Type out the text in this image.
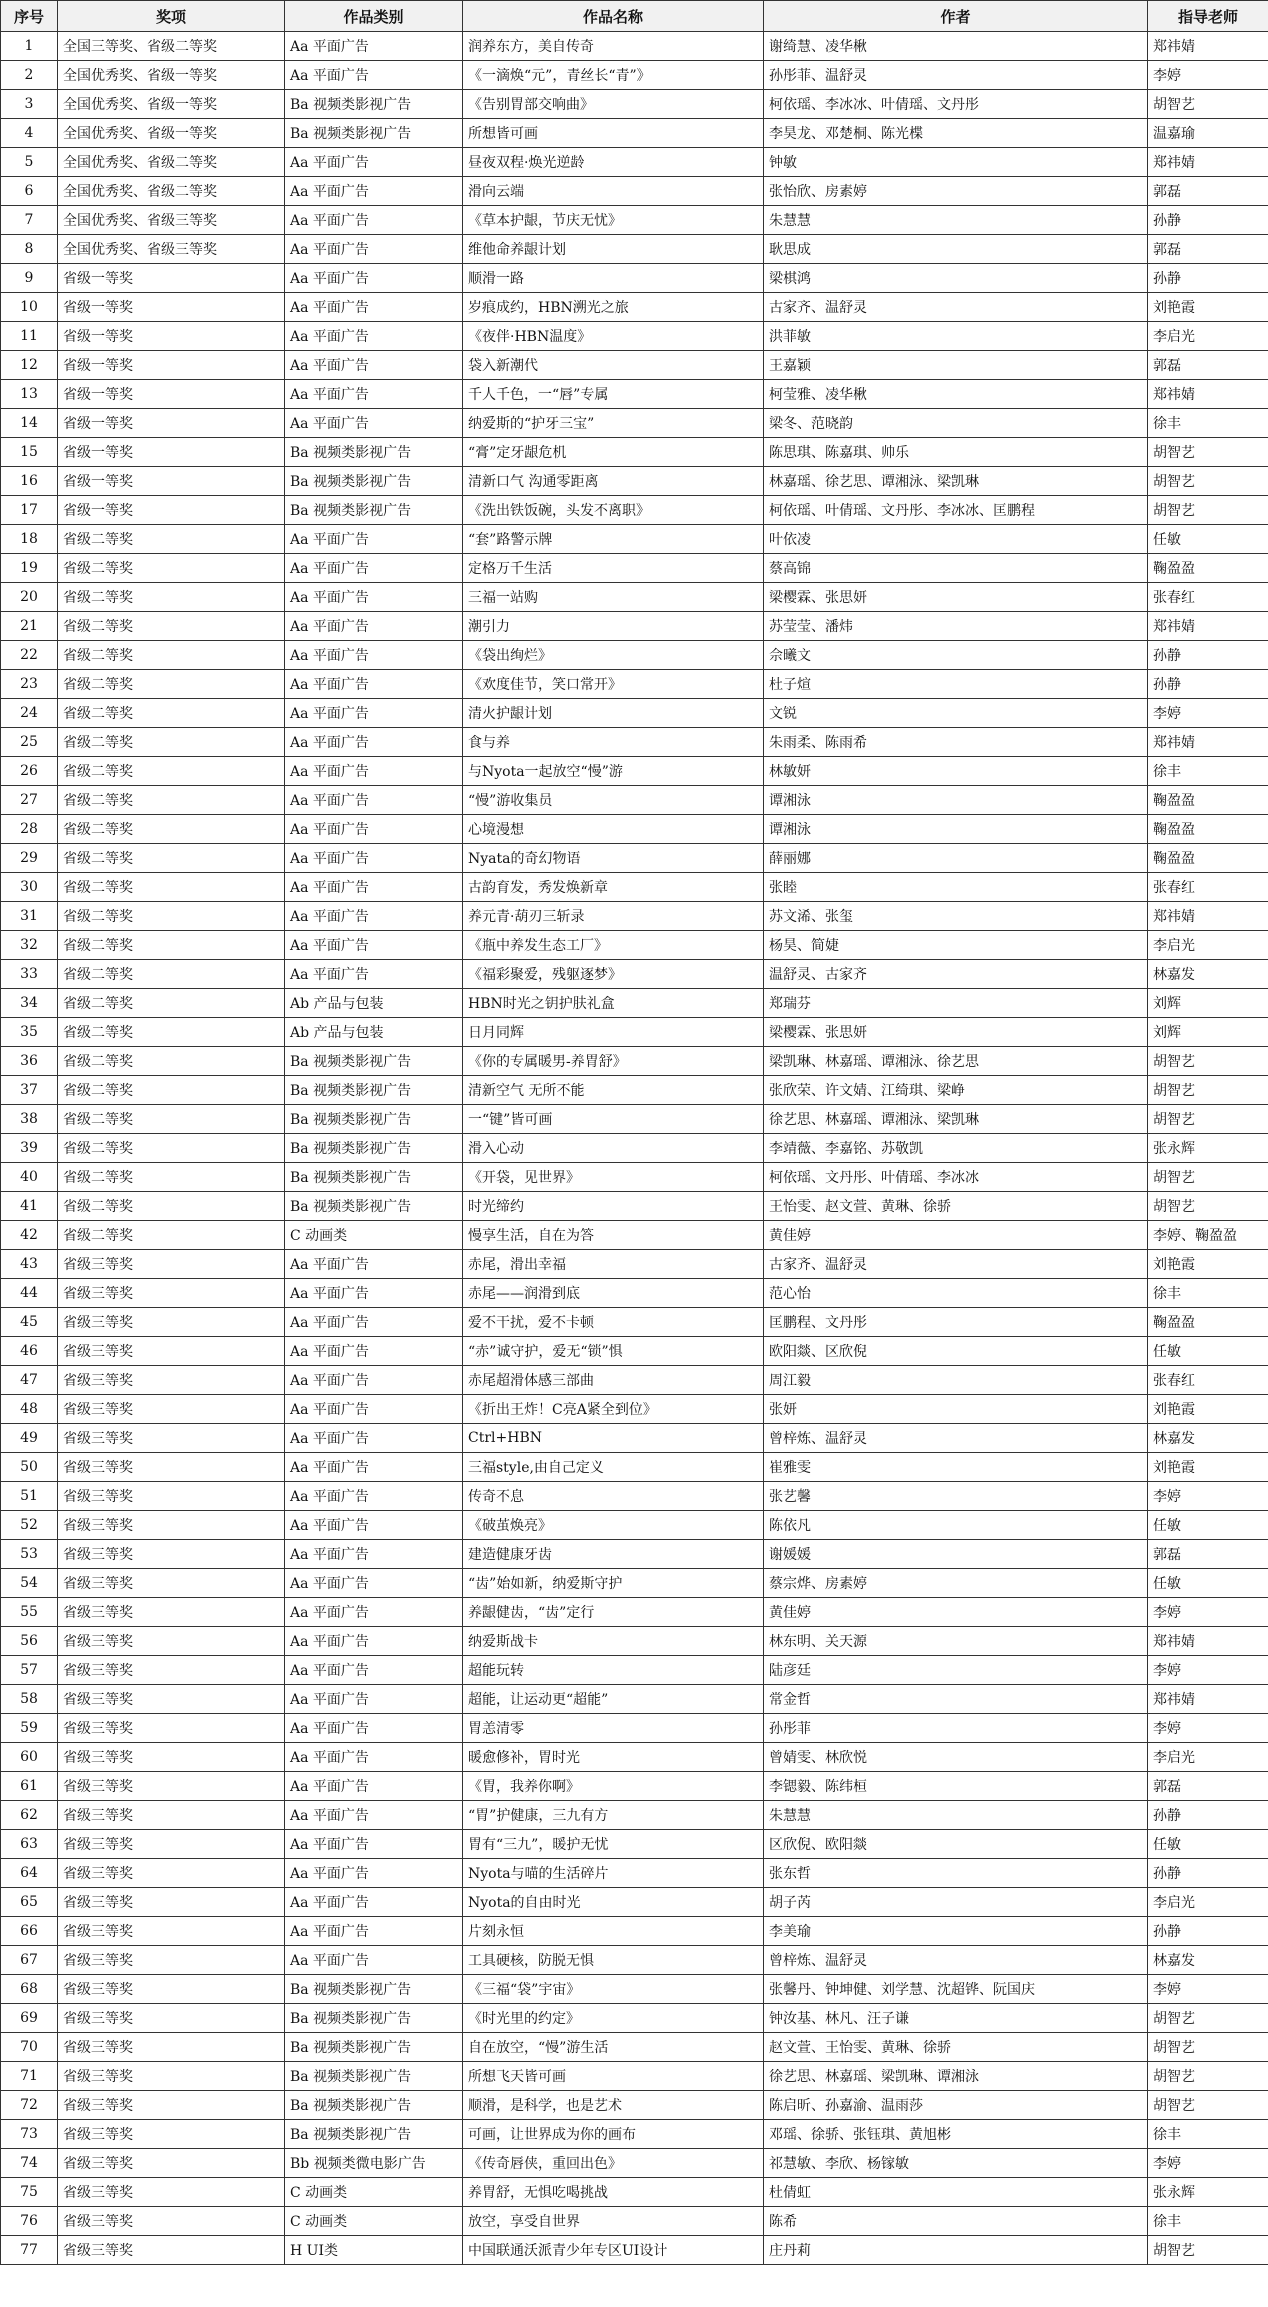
序号	奖项	作品类别	作品名称	作者	指导老师
1	全国三等奖、省级二等奖	Aa 平面广告	润养东方，美自传奇	谢绮慧、凌华楸	郑祎婧
2	全国优秀奖、省级一等奖	Aa 平面广告	《一滴焕“元”，青丝长“青”》	孙彤菲、温舒灵	李婷
3	全国优秀奖、省级一等奖	Ba 视频类影视广告	《告别胃部交响曲》	柯依瑶、李冰冰、叶倩瑶、文丹彤	胡智艺
4	全国优秀奖、省级一等奖	Ba 视频类影视广告	所想皆可画	李昊龙、邓楚桐、陈光楪	温嘉瑜
5	全国优秀奖、省级二等奖	Aa 平面广告	昼夜双程·焕光逆龄	钟敏	郑祎婧
6	全国优秀奖、省级二等奖	Aa 平面广告	滑向云端	张怡欣、房素婷	郭磊
7	全国优秀奖、省级三等奖	Aa 平面广告	《草本护龈，节庆无忧》	朱慧慧	孙静
8	全国优秀奖、省级三等奖	Aa 平面广告	维他命养龈计划	耿思成	郭磊
9	省级一等奖	Aa 平面广告	顺滑一路	梁棋鸿	孙静
10	省级一等奖	Aa 平面广告	岁痕成约，HBN溯光之旅	古家齐、温舒灵	刘艳霞
11	省级一等奖	Aa 平面广告	《夜伴·HBN温度》	洪菲敏	李启光
12	省级一等奖	Aa 平面广告	袋入新潮代	王嘉颖	郭磊
13	省级一等奖	Aa 平面广告	千人千色，一“唇”专属	柯莹雅、凌华楸	郑祎婧
14	省级一等奖	Aa 平面广告	纳爱斯的“护牙三宝”	梁冬、范晓韵	徐丰
15	省级一等奖	Ba 视频类影视广告	“膏”定牙龈危机	陈思琪、陈嘉琪、帅乐	胡智艺
16	省级一等奖	Ba 视频类影视广告	清新口气 沟通零距离	林嘉瑶、徐艺思、谭湘泳、梁凯琳	胡智艺
17	省级一等奖	Ba 视频类影视广告	《洗出铁饭碗，头发不离职》	柯依瑶、叶倩瑶、文丹彤、李冰冰、匡鹏程	胡智艺
18	省级二等奖	Aa 平面广告	“套”路警示牌	叶依凌	任敏
19	省级二等奖	Aa 平面广告	定格万千生活	蔡高锦	鞠盈盈
20	省级二等奖	Aa 平面广告	三福一站购	梁樱霖、张思妍	张春红
21	省级二等奖	Aa 平面广告	潮引力	苏莹莹、潘炜	郑祎婧
22	省级二等奖	Aa 平面广告	《袋出绚烂》	佘曦文	孙静
23	省级二等奖	Aa 平面广告	《欢度佳节，笑口常开》	杜子煊	孙静
24	省级二等奖	Aa 平面广告	清火护龈计划	文锐	李婷
25	省级二等奖	Aa 平面广告	食与养	朱雨柔、陈雨希	郑祎婧
26	省级二等奖	Aa 平面广告	与Nyota一起放空“慢”游	林敏妍	徐丰
27	省级二等奖	Aa 平面广告	“慢”游收集员	谭湘泳	鞠盈盈
28	省级二等奖	Aa 平面广告	心境漫想	谭湘泳	鞠盈盈
29	省级二等奖	Aa 平面广告	Nyata的奇幻物语	薛丽娜	鞠盈盈
30	省级二等奖	Aa 平面广告	古韵育发，秀发焕新章	张睦	张春红
31	省级二等奖	Aa 平面广告	养元青·葫刃三斩录	苏文浠、张玺	郑祎婧
32	省级二等奖	Aa 平面广告	《瓶中养发生态工厂》	杨昊、简婕	李启光
33	省级二等奖	Aa 平面广告	《福彩聚爱，残躯逐梦》	温舒灵、古家齐	林嘉发
34	省级二等奖	Ab 产品与包装	HBN时光之钥护肤礼盒	郑瑞芬	刘辉
35	省级二等奖	Ab 产品与包装	日月同辉	梁樱霖、张思妍	刘辉
36	省级二等奖	Ba 视频类影视广告	《你的专属暖男-养胃舒》	梁凯琳、林嘉瑶、谭湘泳、徐艺思	胡智艺
37	省级二等奖	Ba 视频类影视广告	清新空气 无所不能	张欣荣、许文婧、江绮琪、梁峥	胡智艺
38	省级二等奖	Ba 视频类影视广告	一“键”皆可画	徐艺思、林嘉瑶、谭湘泳、梁凯琳	胡智艺
39	省级二等奖	Ba 视频类影视广告	滑入心动	李靖薇、李嘉铭、苏敬凯	张永辉
40	省级二等奖	Ba 视频类影视广告	《开袋，见世界》	柯依瑶、文丹彤、叶倩瑶、李冰冰	胡智艺
41	省级二等奖	Ba 视频类影视广告	时光缔约	王怡雯、赵文萱、黄琳、徐骄	胡智艺
42	省级二等奖	C 动画类	慢享生活，自在为答	黄佳婷	李婷、鞠盈盈
43	省级三等奖	Aa 平面广告	赤尾，滑出幸福	古家齐、温舒灵	刘艳霞
44	省级三等奖	Aa 平面广告	赤尾——润滑到底	范心怡	徐丰
45	省级三等奖	Aa 平面广告	爱不干扰，爱不卡顿	匡鹏程、文丹彤	鞠盈盈
46	省级三等奖	Aa 平面广告	“赤”诚守护，爱无“锁”惧	欧阳燚、区欣倪	任敏
47	省级三等奖	Aa 平面广告	赤尾超滑体感三部曲	周江毅	张春红
48	省级三等奖	Aa 平面广告	《折出王炸！C亮A紧全到位》	张妍	刘艳霞
49	省级三等奖	Aa 平面广告	Ctrl+HBN	曾梓炼、温舒灵	林嘉发
50	省级三等奖	Aa 平面广告	三福style,由自己定义	崔雅雯	刘艳霞
51	省级三等奖	Aa 平面广告	传奇不息	张艺馨	李婷
52	省级三等奖	Aa 平面广告	《破茧焕亮》	陈依凡	任敏
53	省级三等奖	Aa 平面广告	建造健康牙齿	谢媛媛	郭磊
54	省级三等奖	Aa 平面广告	“齿”始如新，纳爱斯守护	蔡宗烨、房素婷	任敏
55	省级三等奖	Aa 平面广告	养龈健齿，“齿”定行	黄佳婷	李婷
56	省级三等奖	Aa 平面广告	纳爱斯战卡	林东明、关天源	郑祎婧
57	省级三等奖	Aa 平面广告	超能玩转	陆彦廷	李婷
58	省级三等奖	Aa 平面广告	超能，让运动更“超能”	常金哲	郑祎婧
59	省级三等奖	Aa 平面广告	胃恙清零	孙彤菲	李婷
60	省级三等奖	Aa 平面广告	暖愈修补，胃时光	曾婧雯、林欣悦	李启光
61	省级三等奖	Aa 平面广告	《胃，我养你啊》	李锶毅、陈纬桓	郭磊
62	省级三等奖	Aa 平面广告	“胃”护健康，三九有方	朱慧慧	孙静
63	省级三等奖	Aa 平面广告	胃有“三九”，暖护无忧	区欣倪、欧阳燚	任敏
64	省级三等奖	Aa 平面广告	Nyota与喵的生活碎片	张东哲	孙静
65	省级三等奖	Aa 平面广告	Nyota的自由时光	胡子芮	李启光
66	省级三等奖	Aa 平面广告	片刻永恒	李美瑜	孙静
67	省级三等奖	Aa 平面广告	工具硬核，防脱无惧	曾梓炼、温舒灵	林嘉发
68	省级三等奖	Ba 视频类影视广告	《三福“袋”宇宙》	张馨丹、钟坤健、刘学慧、沈超铧、阮国庆	李婷
69	省级三等奖	Ba 视频类影视广告	《时光里的约定》	钟汝基、林凡、汪子谦	胡智艺
70	省级三等奖	Ba 视频类影视广告	自在放空，“慢”游生活	赵文萱、王怡雯、黄琳、徐骄	胡智艺
71	省级三等奖	Ba 视频类影视广告	所想飞天皆可画	徐艺思、林嘉瑶、梁凯琳、谭湘泳	胡智艺
72	省级三等奖	Ba 视频类影视广告	顺滑，是科学，也是艺术	陈启昕、孙嘉渝、温雨莎	胡智艺
73	省级三等奖	Ba 视频类影视广告	可画，让世界成为你的画布	邓瑶、徐骄、张钰琪、黄旭彬	徐丰
74	省级三等奖	Bb 视频类微电影广告	《传奇唇侠，重回出色》	祁慧敏、李欣、杨镓敏	李婷
75	省级三等奖	C 动画类	养胃舒，无惧吃喝挑战	杜倩虹	张永辉
76	省级三等奖	C 动画类	放空，享受自世界	陈希	徐丰
77	省级三等奖	H UI类	中国联通沃派青少年专区UI设计	庄丹莉	胡智艺
